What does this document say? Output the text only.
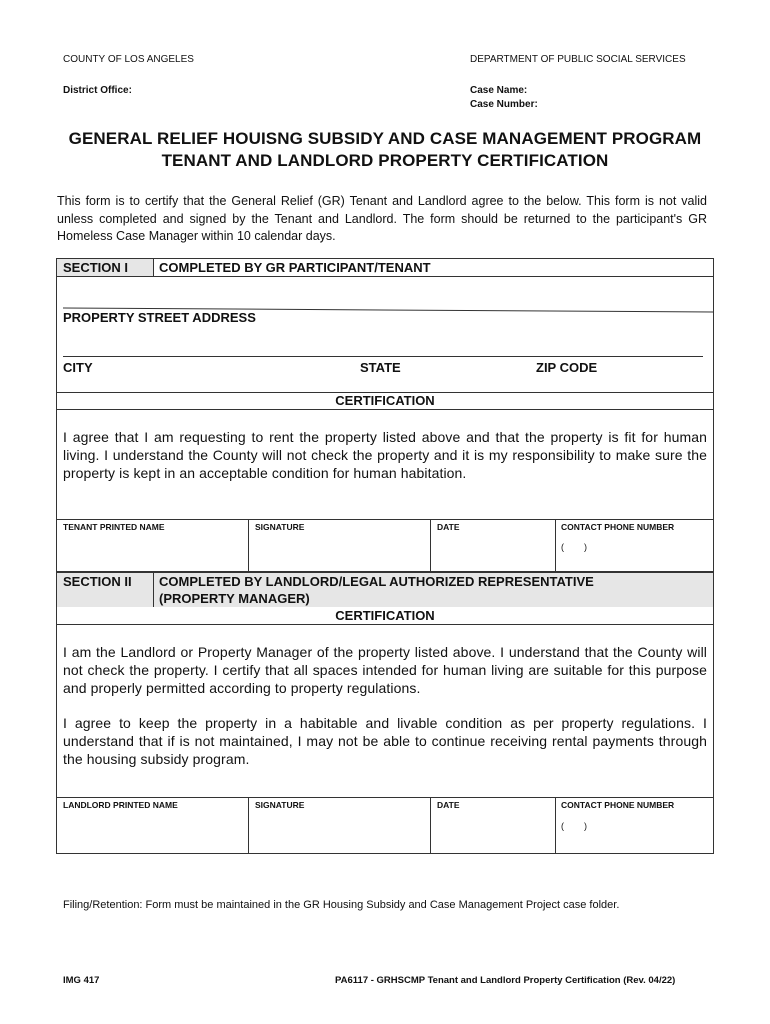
COUNTY OF LOS ANGELES	DEPARTMENT OF PUBLIC SOCIAL SERVICES
District Office:	Case Name:
Case Number:
GENERAL RELIEF HOUISNG SUBSIDY AND CASE MANAGEMENT PROGRAM
TENANT AND LANDLORD PROPERTY CERTIFICATION
This form is to certify that the General Relief (GR) Tenant and Landlord agree to the below. This form is not valid unless completed and signed by the Tenant and Landlord. The form should be returned to the participant's GR Homeless Case Manager within 10 calendar days.
SECTION I COMPLETED BY GR PARTICIPANT/TENANT
PROPERTY STREET ADDRESS
CITY	STATE	ZIP CODE
CERTIFICATION
I agree that I am requesting to rent the property listed above and that the property is fit for human living. I understand the County will not check the property and it is my responsibility to make sure the property is kept in an acceptable condition for human habitation.
TENANT PRINTED NAME	SIGNATURE	DATE	CONTACT PHONE NUMBER
(        )
SECTION II COMPLETED BY LANDLORD/LEGAL AUTHORIZED REPRESENTATIVE
(PROPERTY MANAGER)
CERTIFICATION
I am the Landlord or Property Manager of the property listed above. I understand that the County will not check the property. I certify that all spaces intended for human living are suitable for this purpose and properly permitted according to property regulations.
I agree to keep the property in a habitable and livable condition as per property regulations. I understand that if is not maintained, I may not be able to continue receiving rental payments through the housing subsidy program.
LANDLORD PRINTED NAME	SIGNATURE	DATE	CONTACT PHONE NUMBER
(        )
Filing/Retention: Form must be maintained in the GR Housing Subsidy and Case Management Project case folder.
IMG 417	PA6117 - GRHSCMP Tenant and Landlord Property Certification (Rev. 04/22)
